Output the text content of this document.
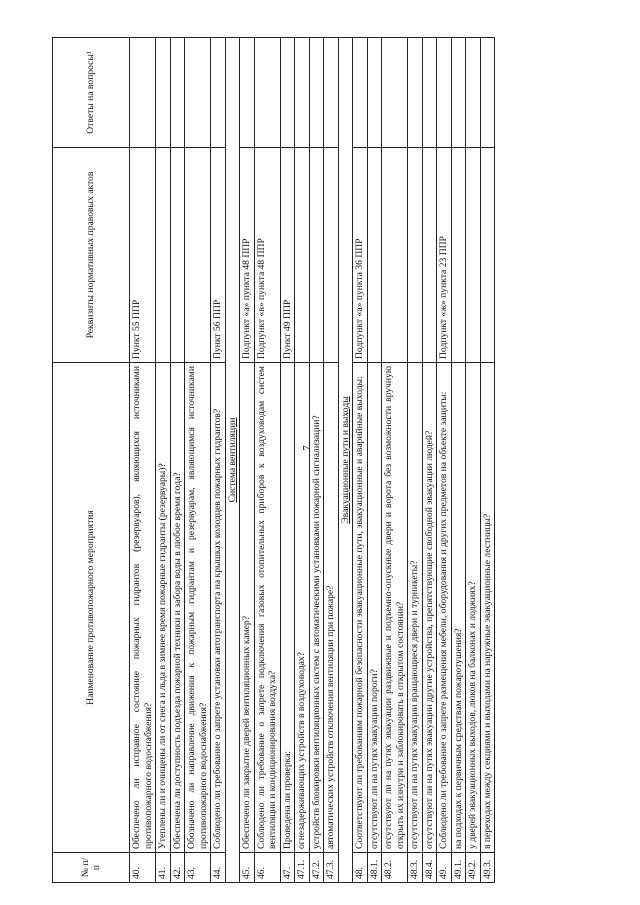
7
№ п/п	Наименование противопожарного мероприятия	Реквизиты нормативных правовых актов	Ответы на вопросы¹
40.	Обеспечено ли исправное состояние пожарных гидрантов (резервуаров), являющихся источниками противопожарного водоснабжения?	Пункт 55 ППР	
41.	Утеплены ли и очищены ли от снега и льда в зимнее время пожарные гидранты (резервуары)?		
42.	Обеспечена ли доступность подъезда пожарной техники и забора воды в любое время года?		
43.	Обозначено ли направление движения к пожарным гидрантам и резервуарам, являющимся источниками противопожарного водоснабжения?		
44.	Соблюдено ли требование о запрете установки автотранспорта на крышках колодцев пожарных гидрантов?	Пункт 56 ППР	
Система вентиляции			
45.	Обеспечено ли закрытие дверей вентиляционных камер?	Подпункт «а» пункта 48 ППР	
46.	Соблюдено ли требование о запрете подключения газовых отопительных приборов к воздуховодам систем вентиляции и кондиционирования воздуха?	Подпункт «в» пункта 48 ППР	
47.	Проведена ли проверка:	Пункт 49 ППР	
47.1.	огнезадерживающих устройств в воздуховодах?		
47.2.	устройств блокировки вентиляционных систем с автоматическими установками пожарной сигнализации?		
47.3.	автоматических устройств отключения вентиляции при пожаре?		
Эвакуационные пути и выходы			
48.	Соответствуют ли требованиям пожарной безопасности эвакуационные пути, эвакуационные и аварийные выходы:	Подпункт «а» пункта 36 ППР	
48.1.	отсутствуют ли на путях эвакуации пороги?		
48.2.	отсутствуют ли на путях эвакуации раздвижные и подъемно-опускные двери и ворота без возможности вручную открыть их изнутри и заблокировать в открытом состоянии?		
48.3.	отсутствуют ли на путях эвакуации вращающиеся двери и турникеты?		
48.4.	отсутствуют ли на путях эвакуации другие устройства, препятствующие свободной эвакуации людей?		
49.	Соблюдено ли требование о запрете размещения мебели, оборудования и других предметов на объекте защиты:	Подпункт «ж» пункта 23 ППР	
49.1.	на подходах к первичным средствам пожаротушения?		
49.2.	у дверей эвакуационных выходов, люков на балконах и лоджиях?		
49.3.	в переходах между секциями и выходами на наружные эвакуационные лестницы?		
